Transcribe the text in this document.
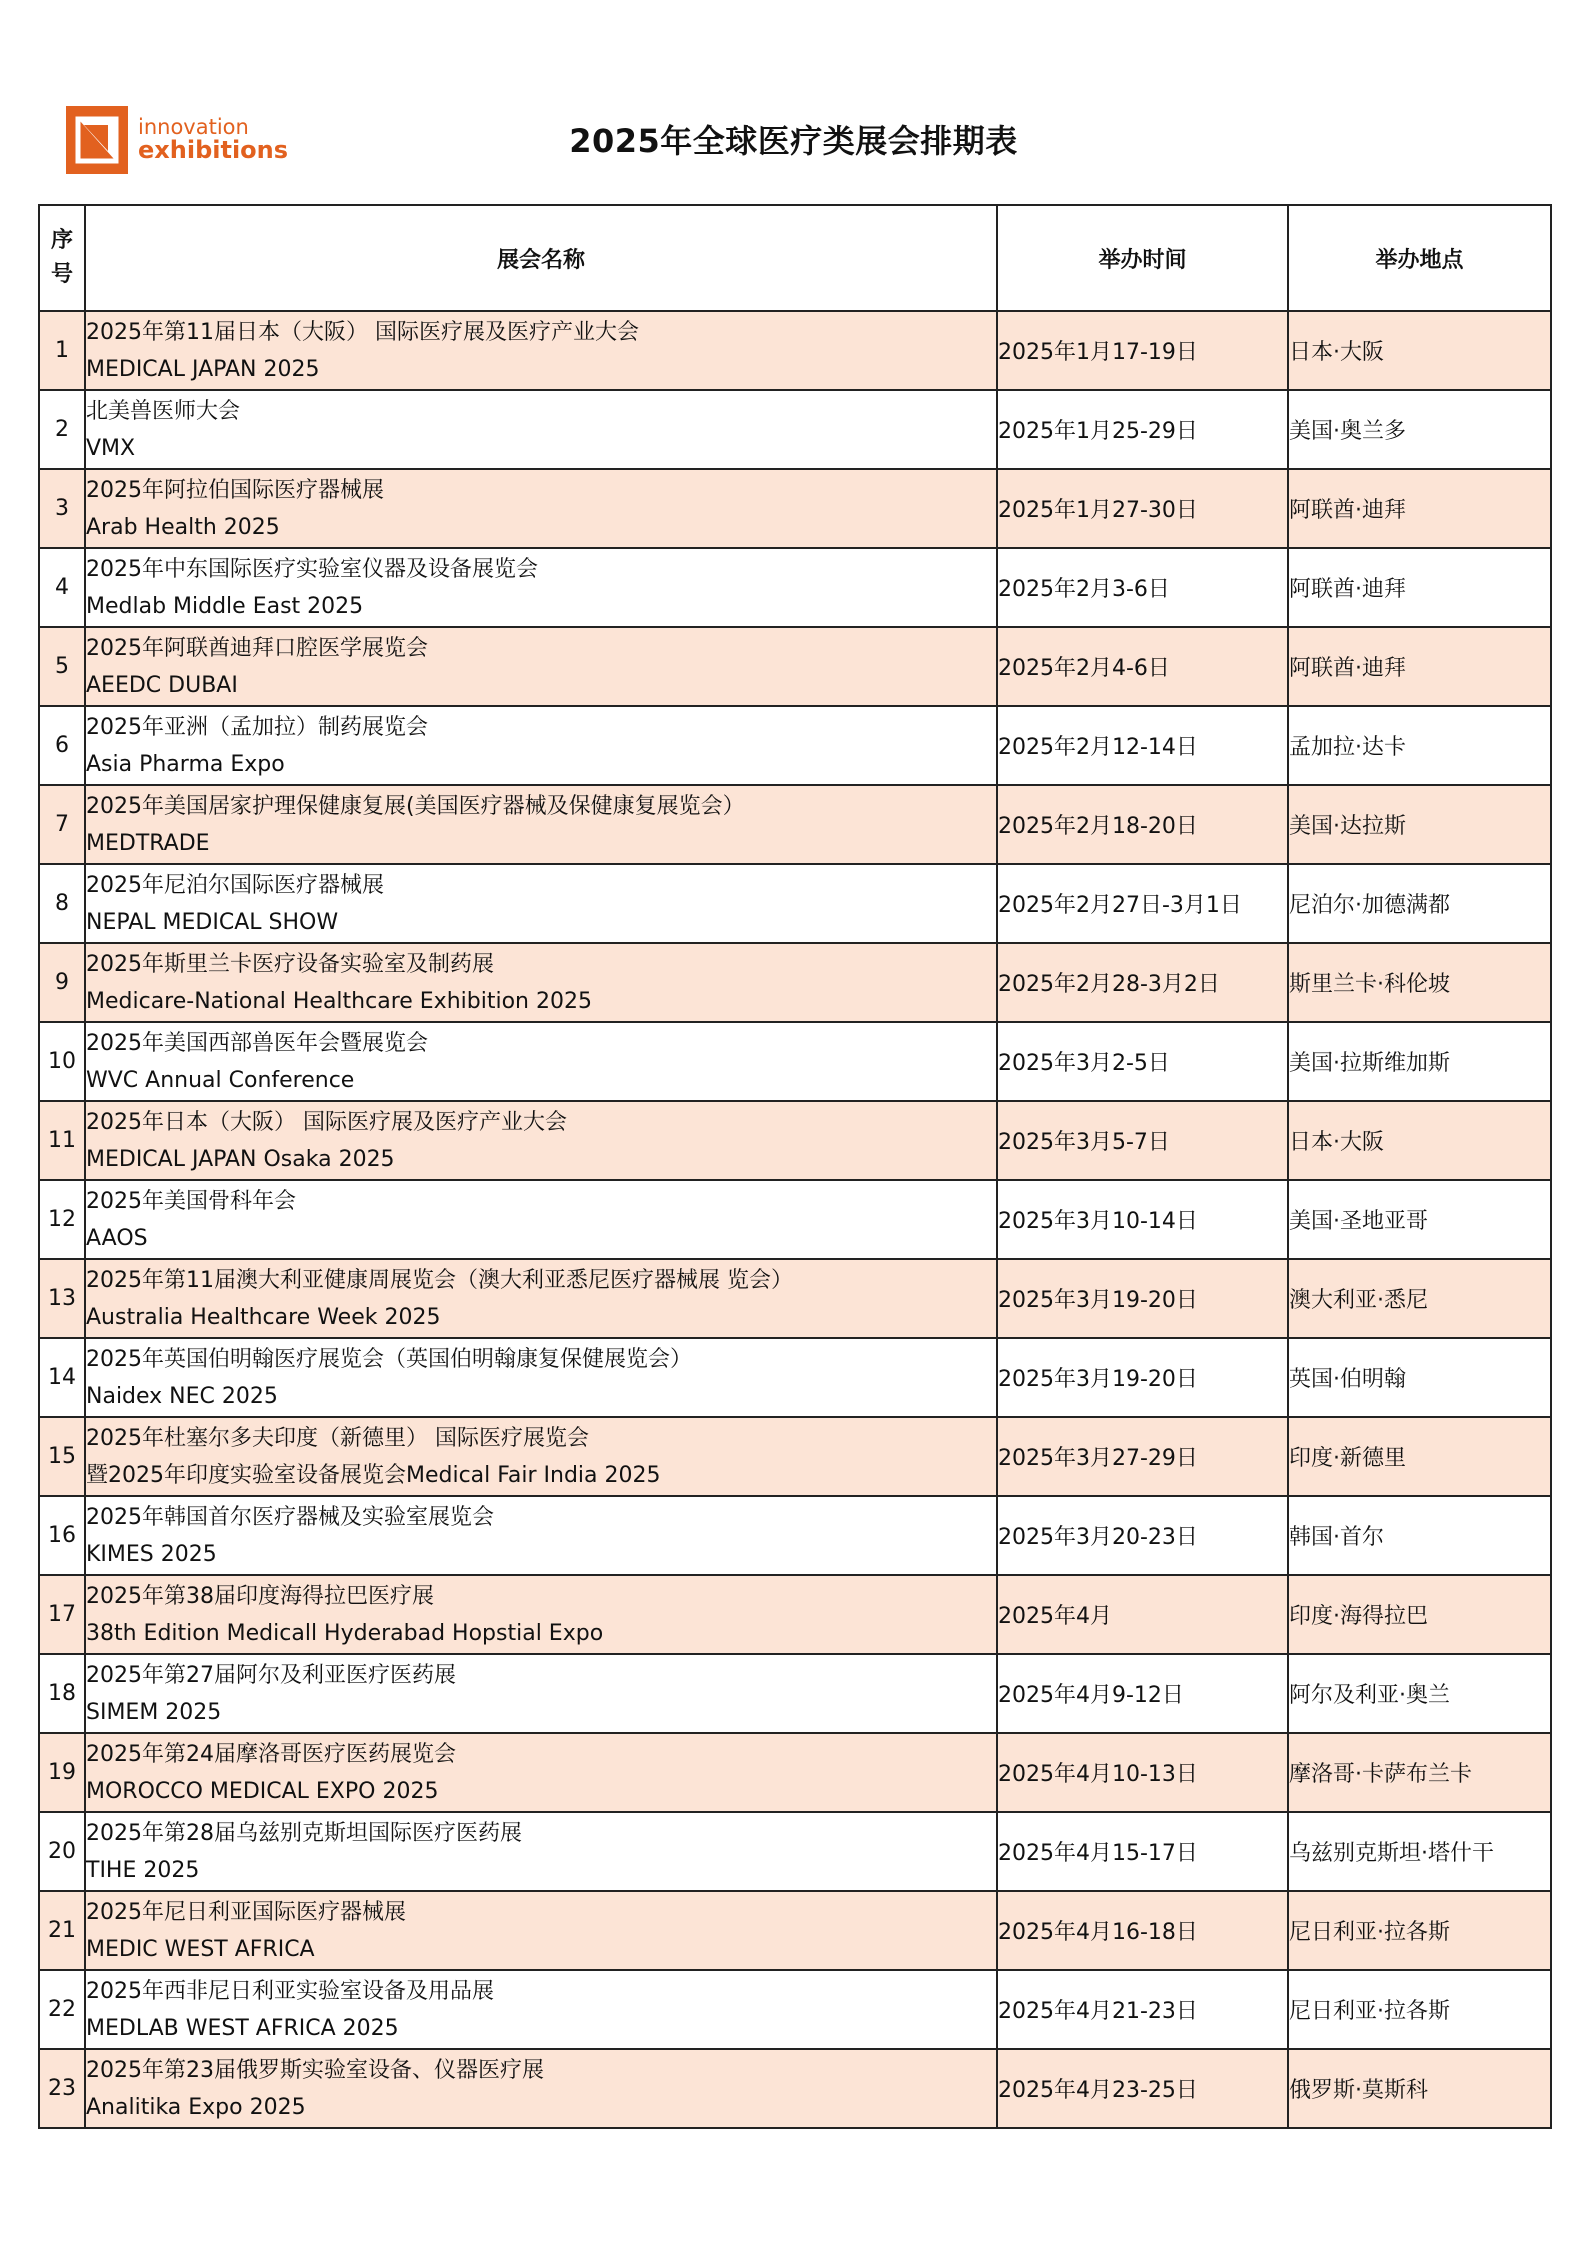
innovation
exhibitions	2025年全球医疗类展会排期表
序
号	展会名称	举办时间	举办地点
1	2025年第11届日本（大阪） 国际医疗展及医疗产业大会
MEDICAL JAPAN 2025	2025年1月17-19日	日本·大阪
2	北美兽医师大会
VMX	2025年1月25-29日	美国·奥兰多
3	2025年阿拉伯国际医疗器械展
Arab Health 2025	2025年1月27-30日	阿联酋·迪拜
4	2025年中东国际医疗实验室仪器及设备展览会
Medlab Middle East 2025	2025年2月3-6日	阿联酋·迪拜
5	2025年阿联酋迪拜口腔医学展览会
AEEDC DUBAI	2025年2月4-6日	阿联酋·迪拜
6	2025年亚洲（孟加拉）制药展览会
Asia Pharma Expo	2025年2月12-14日	孟加拉·达卡
7	2025年美国居家护理保健康复展(美国医疗器械及保健康复展览会）
MEDTRADE	2025年2月18-20日	美国·达拉斯
8	2025年尼泊尔国际医疗器械展
NEPAL MEDICAL SHOW	2025年2月27日-3月1日	尼泊尔·加德满都
9	2025年斯里兰卡医疗设备实验室及制药展
Medicare-National Healthcare Exhibition 2025	2025年2月28-3月2日	斯里兰卡·科伦坡
10	2025年美国西部兽医年会暨展览会
WVC Annual Conference	2025年3月2-5日	美国·拉斯维加斯
11	2025年日本（大阪） 国际医疗展及医疗产业大会
MEDICAL JAPAN Osaka 2025	2025年3月5-7日	日本·大阪
12	2025年美国骨科年会
AAOS	2025年3月10-14日	美国·圣地亚哥
13	2025年第11届澳大利亚健康周展览会（澳大利亚悉尼医疗器械展 览会）
Australia Healthcare Week 2025	2025年3月19-20日	澳大利亚·悉尼
14	2025年英国伯明翰医疗展览会（英国伯明翰康复保健展览会）
Naidex NEC 2025	2025年3月19-20日	英国·伯明翰
15	2025年杜塞尔多夫印度（新德里） 国际医疗展览会
暨2025年印度实验室设备展览会Medical Fair India 2025	2025年3月27-29日	印度·新德里
16	2025年韩国首尔医疗器械及实验室展览会
KIMES 2025	2025年3月20-23日	韩国·首尔
17	2025年第38届印度海得拉巴医疗展
38th Edition Medicall Hyderabad Hopstial Expo	2025年4月	印度·海得拉巴
18	2025年第27届阿尔及利亚医疗医药展
SIMEM 2025	2025年4月9-12日	阿尔及利亚·奥兰
19	2025年第24届摩洛哥医疗医药展览会
MOROCCO MEDICAL EXPO 2025	2025年4月10-13日	摩洛哥·卡萨布兰卡
20	2025年第28届乌兹别克斯坦国际医疗医药展
TIHE 2025	2025年4月15-17日	乌兹别克斯坦·塔什干
21	2025年尼日利亚国际医疗器械展
MEDIC WEST AFRICA	2025年4月16-18日	尼日利亚·拉各斯
22	2025年西非尼日利亚实验室设备及用品展
MEDLAB WEST AFRICA 2025	2025年4月21-23日	尼日利亚·拉各斯
23	2025年第23届俄罗斯实验室设备、仪器医疗展
Analitika Expo 2025	2025年4月23-25日	俄罗斯·莫斯科
